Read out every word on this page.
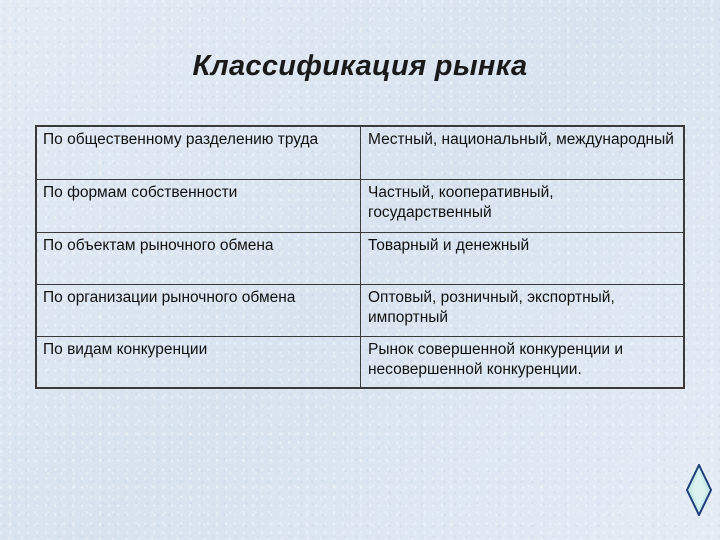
Классификация рынка
По общественному разделению труда	Местный, национальный, международный
По формам собственности	Частный, кооперативный, государственный
По объектам рыночного обмена	Товарный и денежный
По организации рыночного обмена	Оптовый, розничный, экспортный, импортный
По видам конкуренции	Рынок совершенной конкуренции и несовершенной конкуренции.
